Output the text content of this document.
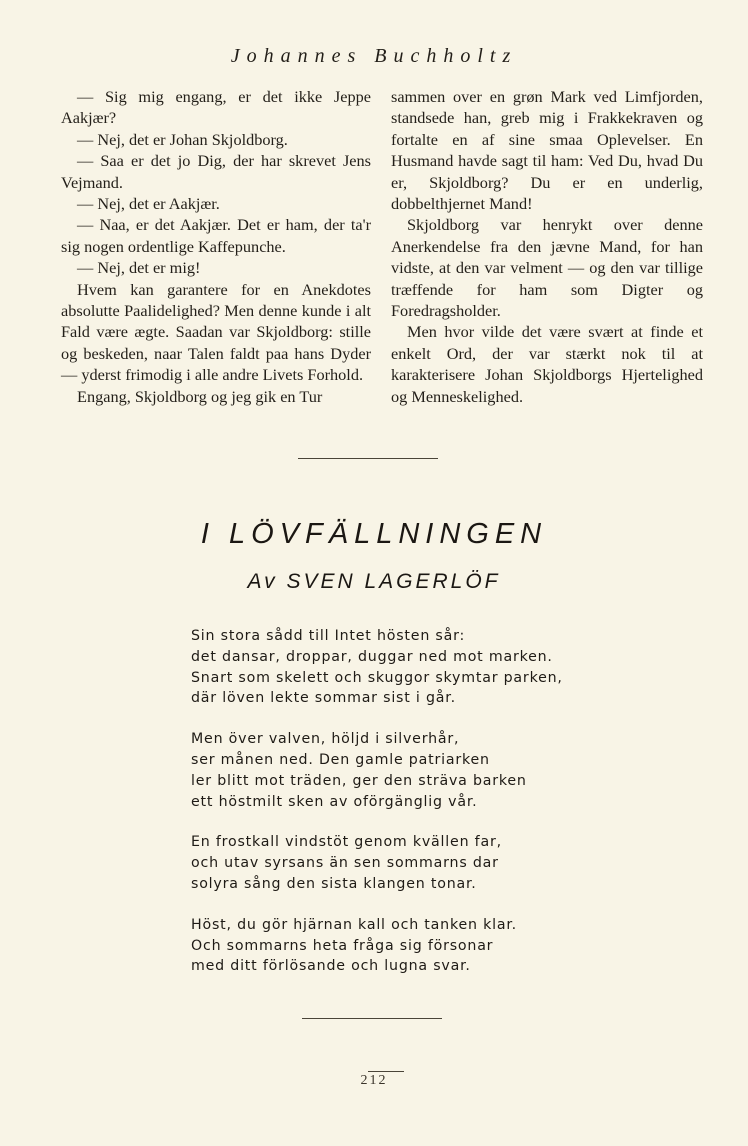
Johannes Buchholtz

— Sig mig engang, er det ikke Jeppe Aakjær?

— Nej, det er Johan Skjoldborg.

— Saa er det jo Dig, der har skrevet Jens Vejmand.

— Nej, det er Aakjær.

— Naa, er det Aakjær. Det er ham, der ta'r sig nogen ordentlige Kaffepunche.

— Nej, det er mig!

Hvem kan garantere for en Anekdotes absolutte Paalidelighed? Men denne kunde i alt Fald være ægte. Saadan var Skjoldborg: stille og beskeden, naar Talen faldt paa hans Dyder — yderst frimodig i alle andre Livets Forhold.

Engang, Skjoldborg og jeg gik en Tur

sammen over en grøn Mark ved Limfjorden, standsede han, greb mig i Frakkekraven og fortalte en af sine smaa Oplevelser. En Husmand havde sagt til ham: Ved Du, hvad Du er, Skjoldborg? Du er en underlig, dobbelthjernet Mand!

Skjoldborg var henrykt over denne Anerkendelse fra den jævne Mand, for han vidste, at den var velment — og den var tillige træffende for ham som Digter og Foredragsholder.

Men hvor vilde det være svært at finde et enkelt Ord, der var stærkt nok til at karakterisere Johan Skjoldborgs Hjertelighed og Menneskelighed.

I LÖVFÄLLNINGEN
Av SVEN LAGERLÖF
Sin stora sådd till Intet hösten sår:
det dansar, droppar, duggar ned mot marken.
Snart som skelett och skuggor skymtar parken,
där löven lekte sommar sist i går.
Men över valven, höljd i silverhår,
ser månen ned. Den gamle patriarken
ler blitt mot träden, ger den sträva barken
ett höstmilt sken av oförgänglig vår.
En frostkall vindstöt genom kvällen far,
och utav syrsans än sen sommarns dar
solyra sång den sista klangen tonar.
Höst, du gör hjärnan kall och tanken klar.
Och sommarns heta fråga sig försonar
med ditt förlösande och lugna svar.
212
